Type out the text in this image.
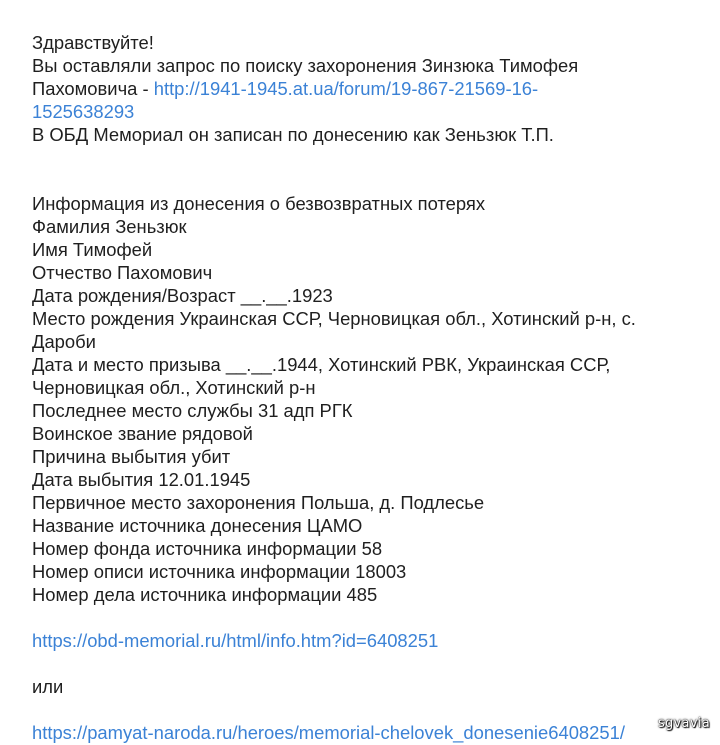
Здравствуйте!
Вы оставляли запрос по поиску захоронения Зинзюка Тимофея
Пахомовича - http://1941-1945.at.ua/forum/19-867-21569-16-
1525638293
В ОБД Мемориал он записан по донесению как Зеньзюк Т.П.
Информация из донесения о безвозвратных потерях
Фамилия Зеньзюк
Имя Тимофей
Отчество Пахомович
Дата рождения/Возраст __.__.1923
Место рождения Украинская ССР, Черновицкая обл., Хотинский р-н, с.
Дароби
Дата и место призыва __.__.1944, Хотинский РВК, Украинская ССР,
Черновицкая обл., Хотинский р-н
Последнее место службы 31 адп РГК
Воинское звание рядовой
Причина выбытия убит
Дата выбытия 12.01.1945
Первичное место захоронения Польша, д. Подлесье
Название источника донесения ЦАМО
Номер фонда источника информации 58
Номер описи источника информации 18003
Номер дела источника информации 485
https://obd-memorial.ru/html/info.htm?id=6408251
или
https://pamyat-naroda.ru/heroes/memorial-chelovek_donesenie6408251/	sgvavia
